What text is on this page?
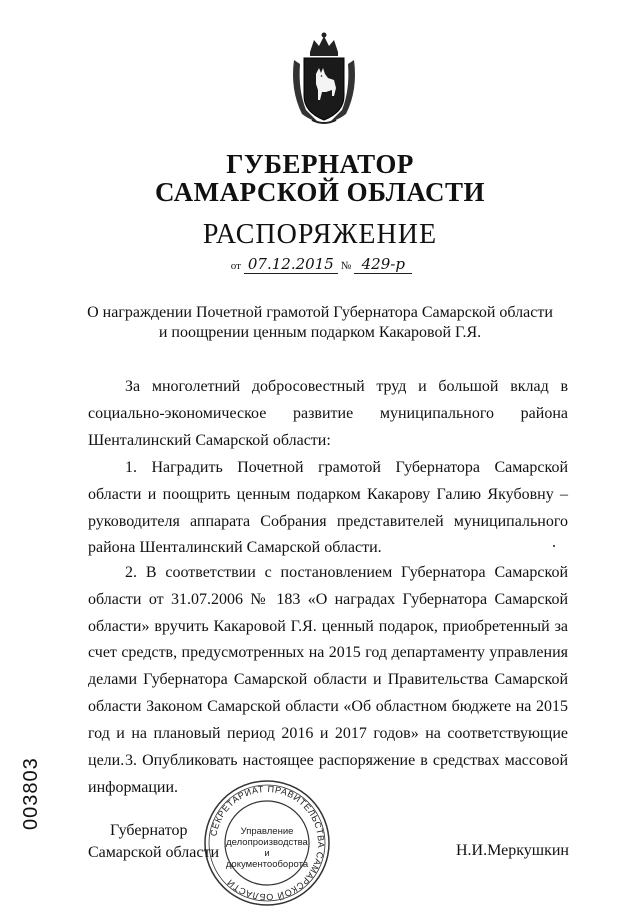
ГУБЕРНАТОР
САМАРСКОЙ ОБЛАСТИ
РАСПОРЯЖЕНИЕ
от 07.12.2015 № 429-р
О награждении Почетной грамотой Губернатора Самарской области
и поощрении ценным подарком Какаровой Г.Я.

За многолетний добросовестный труд и большой вклад в социально-экономическое развитие муниципального района Шенталинский Самарской области:

1. Наградить Почетной грамотой Губернатора Самарской области и поощрить ценным подарком Какарову Галию Якубовну – руководителя аппарата Собрания представителей муниципального района Шенталинский Самарской области.

2. В соответствии с постановлением Губернатора Самарской области от 31.07.2006 № 183 «О наградах Губернатора Самарской области» вручить Какаровой Г.Я. ценный подарок, приобретенный за счет средств, предусмотренных на 2015 год департаменту управления делами Губернатора Самарской области и Правительства Самарской области Законом Самарской области «Об областном бюджете на 2015 год и на плановый период 2016 и 2017 годов» на соответствующие цели. 3. Опубликовать настоящее распоряжение в средствах массовой информации.

СЕКРЕТАРИАТ ПРАВИТЕЛЬСТВА САМАРСКОЙ ОБЛАСТИ
Управление
делопроизводства
и документооборота
Губернатор
Самарской области	Н.И.Меркушкин
003803
